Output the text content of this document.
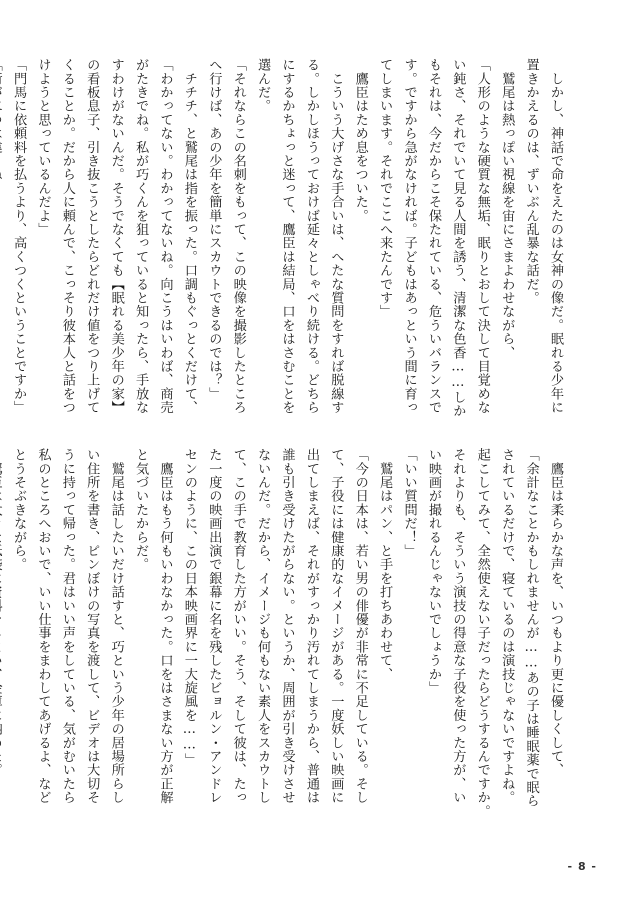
　しかし、神話で命をえたのは女神の像だ。眠れる少年に

置きかえるのは、ずいぶん乱暴な話だ。

　鷲尾は熱っぽい視線を宙にさまよわせながら、

「人形のような硬質な無垢、眠りとおして決して目覚めな

い鈍さ、それでいて見る人間を誘う、清潔な色香……しか

もそれは、今だからこそ保たれている、危ういバランスで

す。ですから急がなければ。子どもはあっという間に育っ

てしまいます。それでここへ来たんです」

　鷹臣はため息をついた。

　こういう大げさな手合いは、へたな質問をすれば脱線す

る。しかしほうっておけば延々としゃべり続ける。どちら

にするかちょっと迷って、鷹臣は結局、口をはさむことを

選んだ。

「それならこの名刺をもって、この映像を撮影したところ

へ行けば、あの少年を簡単にスカウトできるのでは？」

　チチチ、と鷲尾は指を振った。口調もぐっとくだけて、

「わかってない。わかってないね。向こうはいわば、商売

がたきでね。私が巧くんを狙っていると知ったら、手放な

すわけがないんだ。そうでなくても【眠れる美少年の家】

の看板息子、引き抜こうとしたらどれだけ値をつり上げて

くることか。だから人に頼んで、こっそり彼本人と話をつ

けようと思っているんだよ」

「門馬に依頼料を払うより、高くつくということですか」

　鷹臣は柔らかな声を、いつもより更に優しくして、

「余計なことかもしれませんが……あの子は睡眠薬で眠ら

されているだけで、寝ているのは演技じゃないですよね。

起こしてみて、全然使えない子だったらどうするんですか。

それよりも、そういう演技の得意な子役を使った方が、い

い映画が撮れるんじゃないでしょうか」

「いい質問だ！」

　鷲尾はパン、と手を打ちあわせて、

「今の日本は、若い男の俳優が非常に不足している。そし

て、子役には健康的なイメージがある。一度妖しい映画に

出てしまえば、それがすっかり汚れてしまうから、普通は

誰も引き受けたがらない。というか、周囲が引き受けさせ

ないんだ。だから、イメージも何もない素人をスカウトし

て、この手で教育した方がいい。そう、そして彼は、たっ

た一度の映画出演で銀幕に名を残したビョルン・アンドレ

センのように、この日本映画界に一大旋風を……」

　鷹臣はもう何もいわなかった。口をはさまない方が正解

と気づいたからだ。

　鷲尾は話したいだけ話すと、巧という少年の居場所らし

い住所を書き、ピンぼけの写真を渡して、ビデオは大切そ

うに持って帰った。君はいい声をしている、気がむいたら

私のところへおいで、いい仕事をまわしてあげるよ、など

とうそぶきながら。

- 8 -
